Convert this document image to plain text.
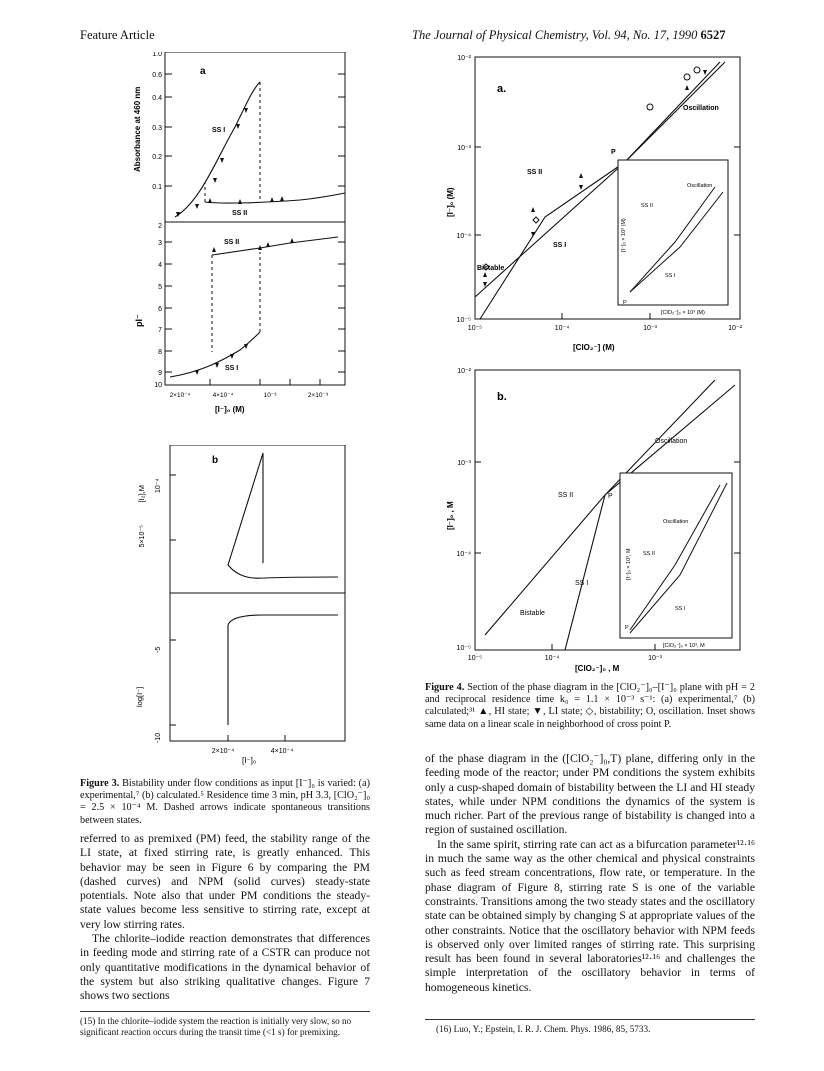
Feature Article	The Journal of Physical Chemistry, Vol. 94, No. 17, 1990 6527
a
1.0
0.6
0.4
0.3
0.2
0.1
2
3
4
5
6
7
8
9
10
Absorbance at 460 nm
pI⁻
SS I
SS II
SS II
SS I
2×10⁻⁴	4×10⁻⁴	10⁻³	2×10⁻³
[I⁻]₀ (M)
b
[I₂],M
5×10⁻⁵
10⁻⁴
-5
-10
log[I⁻]
2×10⁻⁴	4×10⁻⁴
[I⁻]₀
Figure 3. Bistability under flow conditions as input [I⁻]₀ is varied: (a) experimental,⁷ (b) calculated.⁵ Residence time 3 min, pH 3.3, [ClO₂⁻]₀ = 2.5 × 10⁻⁴ M. Dashed arrows indicate spontaneous transitions between states.

referred to as premixed (PM) feed, the stability range of the LI state, at fixed stirring rate, is greatly enhanced. This behavior may be seen in Figure 6 by comparing the PM (dashed curves) and NPM (solid curves) steady-state potentials. Note also that under PM conditions the steady-state values become less sensitive to stirring rate, except at very low stirring rates.

The chlorite–iodide reaction demonstrates that differences in feeding mode and stirring rate of a CSTR can produce not only quantitative modifications in the dynamical behavior of the system but also striking qualitative changes. Figure 7 shows two sections

(15) In the chlorite–iodide system the reaction is initially very slow, so no significant reaction occurs during the transit time (<1 s) for premixing.
a.
10⁻²
10⁻³
10⁻⁴
10⁻⁵
[I⁻]₀ (M)
10⁻⁵	10⁻⁴	10⁻³	10⁻²
[ClO₂⁻] (M)
Oscillation
SS II
SS I
Bistable
P
Oscillation
SS II
SS I
P
[ClO₂⁻]₀ × 10³ (M)
[I⁻]₀ × 10³ (M)
b.
10⁻²
10⁻³
10⁻⁴
10⁻⁵
[I⁻]₀ , M
10⁻⁵	10⁻⁴	10⁻³
[ClO₂⁻]₀ , M
Oscillation
SS II
SS I
Bistable
P
Oscillation
SS II
SS I
P
[ClO₂⁻]₀ × 10³, M
[I⁻]₀ × 10³, M
Figure 4. Section of the phase diagram in the [ClO₂⁻]₀–[I⁻]₀ plane with pH = 2 and reciprocal residence time k₀ = 1.1 × 10⁻³ s⁻¹: (a) experimental,⁷ (b) calculated;³¹ ▲, HI state; ▼, LI state; ◇, bistability; O, oscillation. Inset shows same data on a linear scale in neighborhood of cross point P.

of the phase diagram in the ([ClO₂⁻]₀,T) plane, differing only in the feeding mode of the reactor; under PM conditions the system exhibits only a cusp-shaped domain of bistability between the LI and HI steady states, while under NPM conditions the dynamics of the system is much richer. Part of the previous range of bistability is changed into a region of sustained oscillation.

In the same spirit, stirring rate can act as a bifurcation parameter¹²·¹⁶ in much the same way as the other chemical and physical constraints such as feed stream concentrations, flow rate, or temperature. In the phase diagram of Figure 8, stirring rate S is one of the variable constraints. Transitions among the two steady states and the oscillatory state can be obtained simply by changing S at appropriate values of the other constraints. Notice that the oscillatory behavior with NPM feeds is observed only over limited ranges of stirring rate. This surprising result has been found in several laboratories¹²·¹⁶ and challenges the simple interpretation of the oscillatory behavior in terms of homogeneous kinetics.

(16) Luo, Y.; Epstein, I. R. J. Chem. Phys. 1986, 85, 5733.
